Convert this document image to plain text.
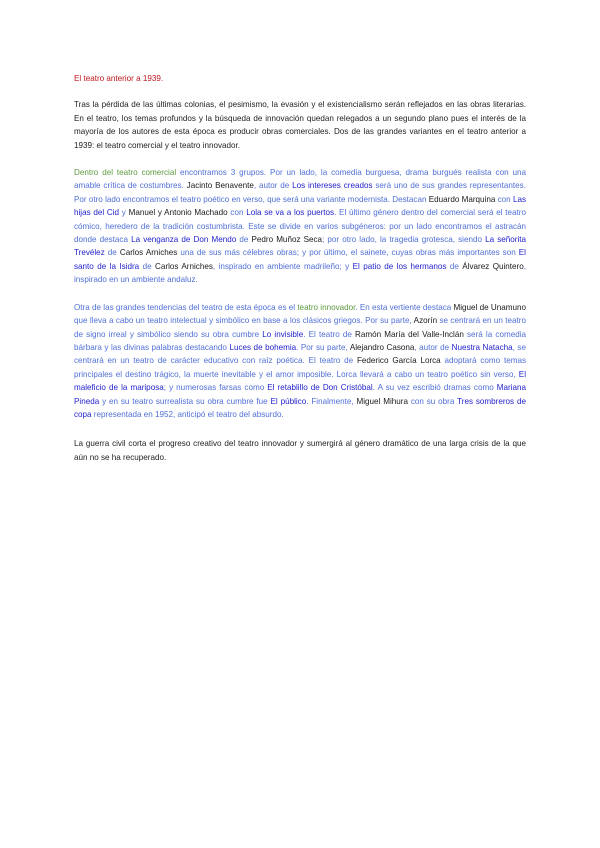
El teatro anterior a 1939.

Tras la pérdida de las últimas colonias, el pesimismo, la evasión y el existencialismo serán reflejados en las obras literarias. En el teatro, los temas profundos y la búsqueda de innovación quedan relegados a un segundo plano pues el interés de la mayoría de los autores de esta época es producir obras comerciales. Dos de las grandes variantes en el teatro anterior a 1939: el teatro comercial y el teatro innovador.

Dentro del teatro comercial encontramos 3 grupos. Por un lado, la comedia burguesa, drama burgués realista con una amable crítica de costumbres. Jacinto Benavente, autor de Los intereses creados será uno de sus grandes representantes. Por otro lado encontramos el teatro poético en verso, que será una variante modernista. Destacan Eduardo Marquina con Las hijas del Cid y Manuel y Antonio Machado con Lola se va a los puertos. El último género dentro del comercial será el teatro cómico, heredero de la tradición costumbrista. Este se divide en varios subgéneros: por un lado encontramos el astracán donde destaca La venganza de Don Mendo de Pedro Muñoz Seca; por otro lado, la tragedia grotesca, siendo La señorita Trevélez de Carlos Arniches una de sus más célebres obras; y por último, el sainete, cuyas obras más importantes son El santo de la Isidra de Carlos Arniches, inspirado en ambiente madrileño; y El patio de los hermanos de Álvarez Quintero, inspirado en un ambiente andaluz.

Otra de las grandes tendencias del teatro de esta época es el teatro innovador. En esta vertiente destaca Miguel de Unamuno que lleva a cabo un teatro intelectual y simbólico en base a los clásicos griegos. Por su parte, Azorín se centrará en un teatro de signo irreal y simbólico siendo su obra cumbre Lo invisible. El teatro de Ramón María del Valle-Inclán será la comedia bárbara y las divinas palabras destacando Luces de bohemia. Por su parte, Alejandro Casona, autor de Nuestra Natacha, se centrará en un teatro de carácter educativo con raíz poética. El teatro de Federico García Lorca adoptará como temas principales el destino trágico, la muerte inevitable y el amor imposible. Lorca llevará a cabo un teatro poético sin verso, El maleficio de la mariposa; y numerosas farsas como El retablillo de Don Cristóbal. A su vez escribió dramas como Mariana Pineda y en su teatro surrealista su obra cumbre fue El público. Finalmente, Miguel Mihura con su obra Tres sombreros de copa representada en 1952, anticipó el teatro del absurdo.

La guerra civil corta el progreso creativo del teatro innovador y sumergirá al género dramático de una larga crisis de la que aún no se ha recuperado.
